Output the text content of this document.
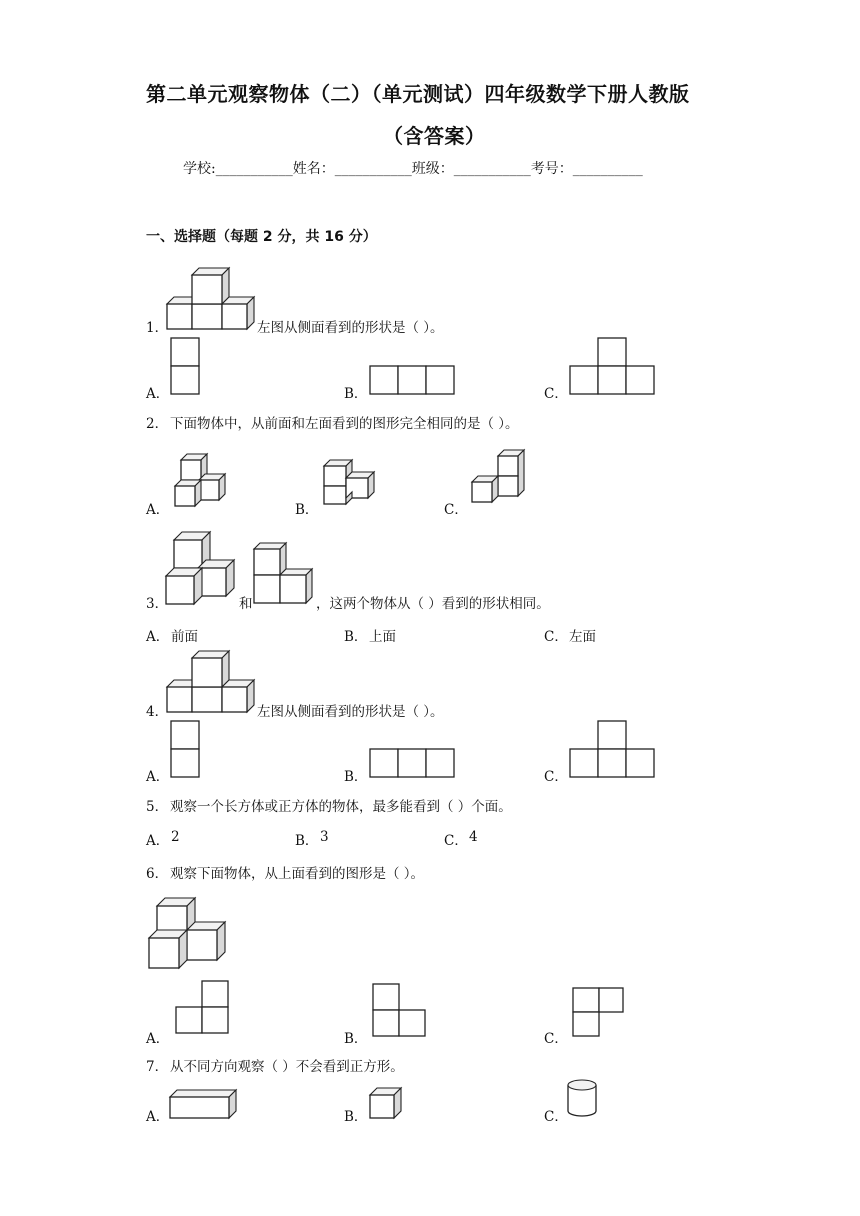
第二单元观察物体（二）（单元测试）四年级数学下册人教版
（含答案）
学校:___________姓名：___________班级：___________考号：__________
一、选择题（每题 2 分，共 16 分）
1．	左图从侧面看到的形状是（ ）。
A．	B．	C．
2． 下面物体中，从前面和左面看到的图形完全相同的是（ ）。
A．	B．	C．
3．	和	，这两个物体从（ ）看到的形状相同。
A． 前面	B． 上面	C． 左面
4．	左图从侧面看到的形状是（ ）。
A．	B．	C．
5． 观察一个长方体或正方体的物体，最多能看到（ ）个面。
A． 2	B． 3	C． 4
6． 观察下面物体，从上面看到的图形是（ ）。
A．	B．	C．
7． 从不同方向观察（ ）不会看到正方形。
A．	B．	C．
